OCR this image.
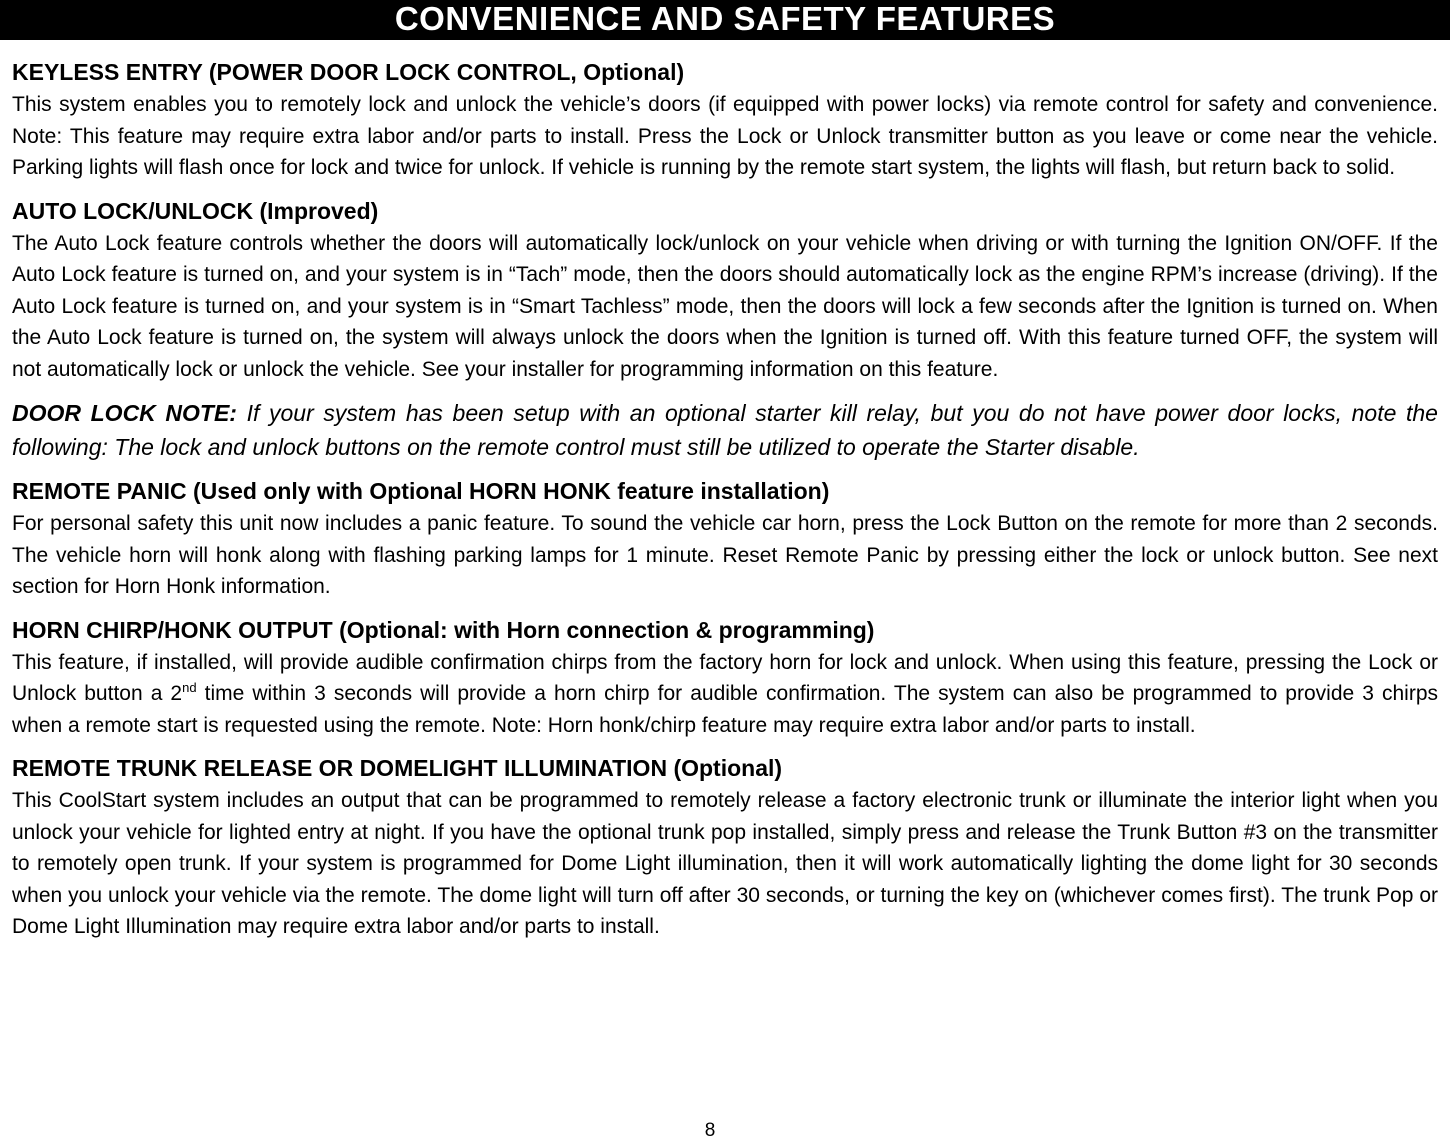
CONVENIENCE AND SAFETY FEATURES

KEYLESS ENTRY (POWER DOOR LOCK CONTROL, Optional)

This system enables you to remotely lock and unlock the vehicle’s doors (if equipped with power locks) via remote control for safety and convenience. Note: This feature may require extra labor and/or parts to install. Press the Lock or Unlock transmitter button as you leave or come near the vehicle. Parking lights will flash once for lock and twice for unlock. If vehicle is running by the remote start system, the lights will flash, but return back to solid.

AUTO LOCK/UNLOCK (Improved)

The Auto Lock feature controls whether the doors will automatically lock/unlock on your vehicle when driving or with turning the Ignition ON/OFF. If the Auto Lock feature is turned on, and your system is in “Tach” mode, then the doors should automatically lock as the engine RPM’s increase (driving). If the Auto Lock feature is turned on, and your system is in “Smart Tachless” mode, then the doors will lock a few seconds after the Ignition is turned on. When the Auto Lock feature is turned on, the system will always unlock the doors when the Ignition is turned off. With this feature turned OFF, the system will not automatically lock or unlock the vehicle. See your installer for programming information on this feature.

DOOR LOCK NOTE: If your system has been setup with an optional starter kill relay, but you do not have power door locks, note the following: The lock and unlock buttons on the remote control must still be utilized to operate the Starter disable.

REMOTE PANIC (Used only with Optional HORN HONK feature installation)

For personal safety this unit now includes a panic feature. To sound the vehicle car horn, press the Lock Button on the remote for more than 2 seconds. The vehicle horn will honk along with flashing parking lamps for 1 minute. Reset Remote Panic by pressing either the lock or unlock button. See next section for Horn Honk information.

HORN CHIRP/HONK OUTPUT (Optional: with Horn connection & programming)

This feature, if installed, will provide audible confirmation chirps from the factory horn for lock and unlock. When using this feature, pressing the Lock or Unlock button a 2nd time within 3 seconds will provide a horn chirp for audible confirmation. The system can also be programmed to provide 3 chirps when a remote start is requested using the remote. Note: Horn honk/chirp feature may require extra labor and/or parts to install.

REMOTE TRUNK RELEASE OR DOMELIGHT ILLUMINATION (Optional)

This CoolStart system includes an output that can be programmed to remotely release a factory electronic trunk or illuminate the interior light when you unlock your vehicle for lighted entry at night. If you have the optional trunk pop installed, simply press and release the Trunk Button #3 on the transmitter to remotely open trunk. If your system is programmed for Dome Light illumination, then it will work automatically lighting the dome light for 30 seconds when you unlock your vehicle via the remote. The dome light will turn off after 30 seconds, or turning the key on (whichever comes first). The trunk Pop or Dome Light Illumination may require extra labor and/or parts to install.

8
